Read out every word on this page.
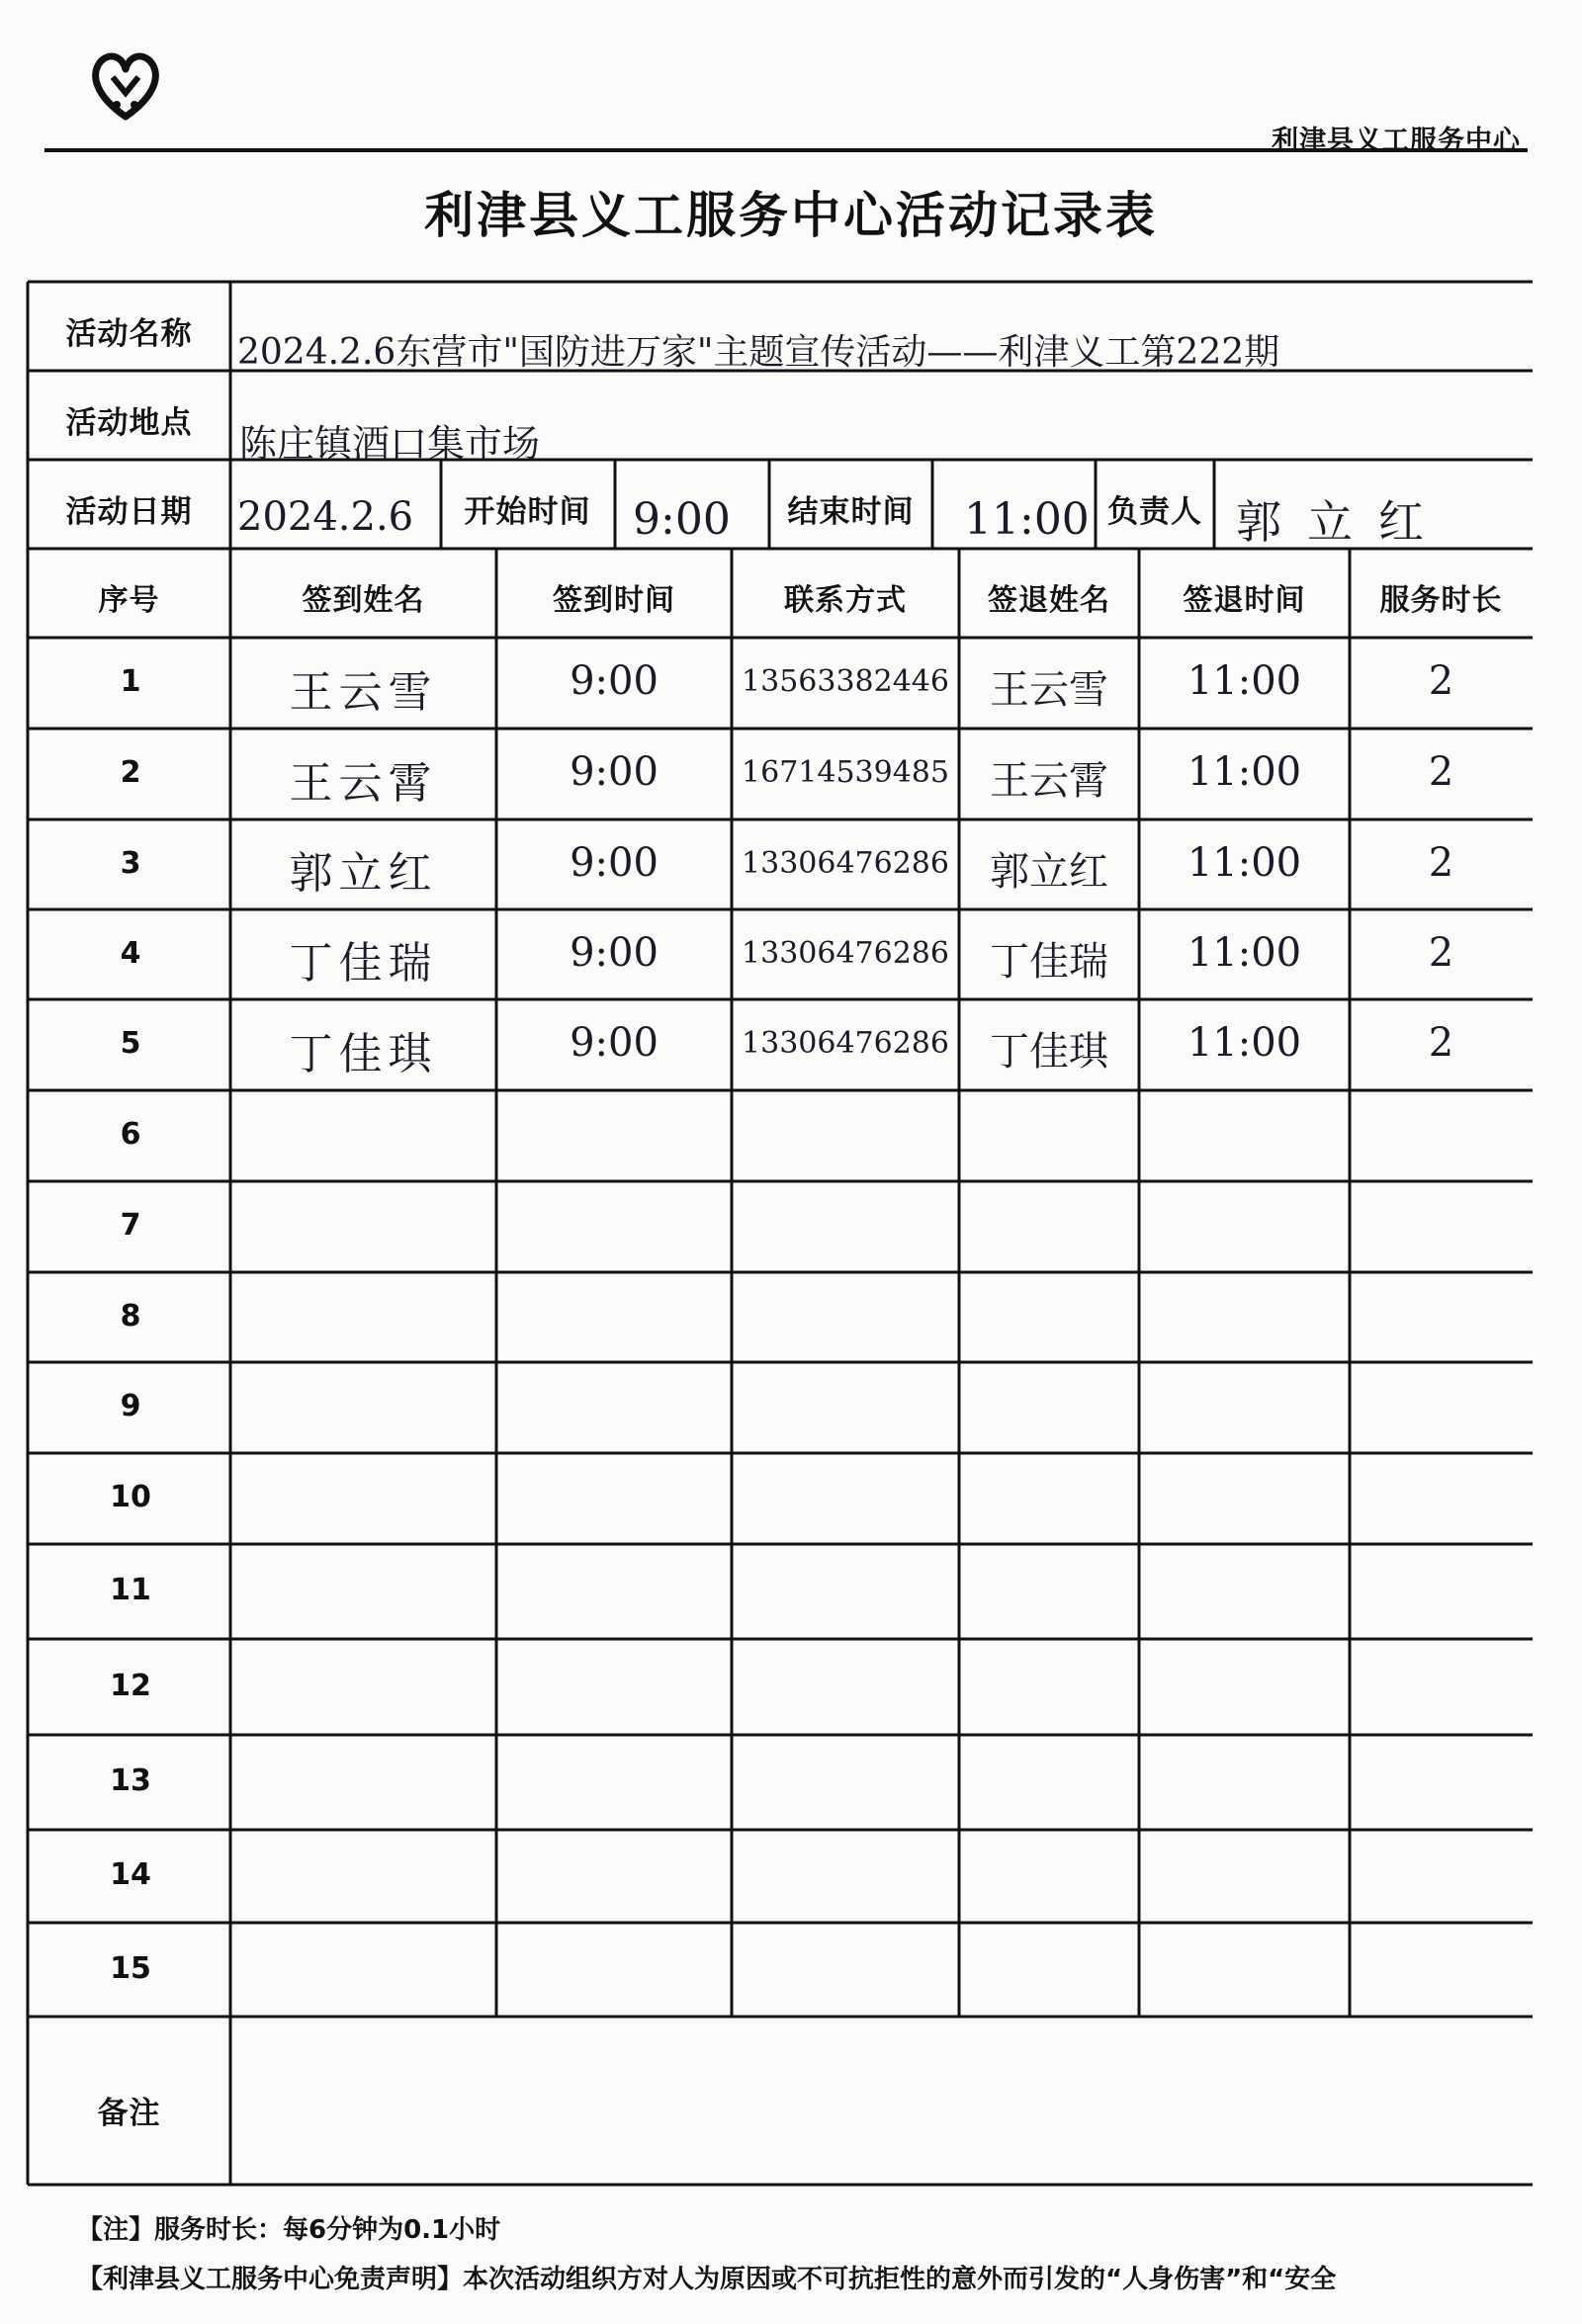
利津县义工服务中心
利津县义工服务中心活动记录表
活动名称	2024.2.6东营市"国防进万家"主题宣传活动——利津义工第222期
活动地点	陈庄镇酒口集市场
活动日期	2024.2.6	开始时间 9:00	结束时间	11:00 负责人 郭立红
序号	签到姓名	签到时间	联系方式	签退姓名	签退时间	服务时长
1	王云雪	9:00	13563382446	王云雪	11:00	2
2	王云霄	9:00	16714539485	王云霄	11:00	2
3	郭立红	9:00	13306476286	郭立红	11:00	2
4	丁佳瑞	9:00	13306476286	丁佳瑞	11:00	2
5	丁佳琪	9:00	13306476286	丁佳琪	11:00	2
6
7
8
9
10
11
12
13
14
15
备注
【注】服务时长：每6分钟为0.1小时
【利津县义工服务中心免责声明】本次活动组织方对人为原因或不可抗拒性的意外而引发的“人身伤害”和“安全
